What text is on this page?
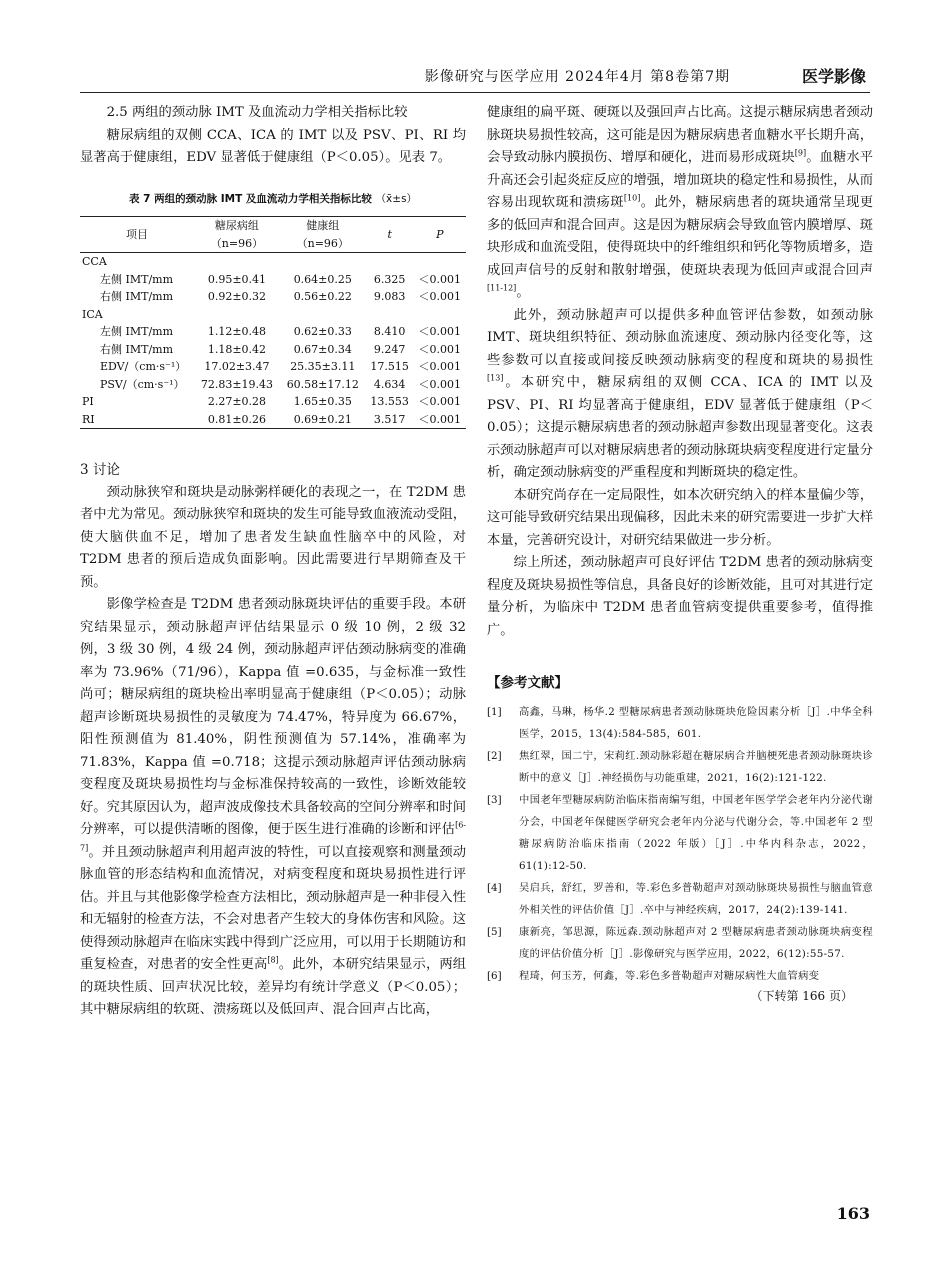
影像研究与医学应用 2024年4月 第8卷第7期	医学影像

2.5 两组的颈动脉 IMT 及血流动力学相关指标比较

糖尿病组的双侧 CCA、ICA 的 IMT 以及 PSV、PI、RI 均显著高于健康组，EDV 显著低于健康组（P＜0.05）。见表 7。

表 7 两组的颈动脉 IMT 及血流动力学相关指标比较 （x̄±s）
项目	糖尿病组	健康组	t	P
	（n=96）	（n=96）		
CCA				
左侧 IMT/mm	0.95±0.41	0.64±0.25	6.325	＜0.001
右侧 IMT/mm	0.92±0.32	0.56±0.22	9.083	＜0.001
ICA				
左侧 IMT/mm	1.12±0.48	0.62±0.33	8.410	＜0.001
右侧 IMT/mm	1.18±0.42	0.67±0.34	9.247	＜0.001
EDV/（cm·s⁻¹）	17.02±3.47	25.35±3.11	17.515	＜0.001
PSV/（cm·s⁻¹）	72.83±19.43	60.58±17.12	4.634	＜0.001
PI	2.27±0.28	1.65±0.35	13.553	＜0.001
RI	0.81±0.26	0.69±0.21	3.517	＜0.001
3 讨论

颈动脉狭窄和斑块是动脉粥样硬化的表现之一，在 T2DM 患者中尤为常见。颈动脉狭窄和斑块的发生可能导致血液流动受阻，使大脑供血不足，增加了患者发生缺血性脑卒中的风险，对 T2DM 患者的预后造成负面影响。因此需要进行早期筛查及干预。

影像学检查是 T2DM 患者颈动脉斑块评估的重要手段。本研究结果显示，颈动脉超声评估结果显示 0 级 10 例，2 级 32 例，3 级 30 例，4 级 24 例，颈动脉超声评估颈动脉病变的准确率为 73.96%（71/96），Kappa 值 =0.635，与金标准一致性尚可；糖尿病组的斑块检出率明显高于健康组（P＜0.05）；动脉超声诊断斑块易损性的灵敏度为 74.47%，特异度为 66.67%，阳性预测值为 81.40%，阴性预测值为 57.14%，准确率为 71.83%，Kappa 值 =0.718；这提示颈动脉超声评估颈动脉病变程度及斑块易损性均与金标准保持较高的一致性，诊断效能较好。究其原因认为，超声波成像技术具备较高的空间分辨率和时间分辨率，可以提供清晰的图像，便于医生进行准确的诊断和评估[6-7]。并且颈动脉超声利用超声波的特性，可以直接观察和测量颈动脉血管的形态结构和血流情况，对病变程度和斑块易损性进行评估。并且与其他影像学检查方法相比，颈动脉超声是一种非侵入性和无辐射的检查方法，不会对患者产生较大的身体伤害和风险。这使得颈动脉超声在临床实践中得到广泛应用，可以用于长期随访和重复检查，对患者的安全性更高[8]。此外，本研究结果显示，两组的斑块性质、回声状况比较，差异均有统计学意义（P＜0.05）；其中糖尿病组的软斑、溃疡斑以及低回声、混合回声占比高，

健康组的扁平斑、硬斑以及强回声占比高。这提示糖尿病患者颈动脉斑块易损性较高，这可能是因为糖尿病患者血糖水平长期升高，会导致动脉内膜损伤、增厚和硬化，进而易形成斑块[9]。血糖水平升高还会引起炎症反应的增强，增加斑块的稳定性和易损性，从而容易出现软斑和溃疡斑[10]。此外，糖尿病患者的斑块通常呈现更多的低回声和混合回声。这是因为糖尿病会导致血管内膜增厚、斑块形成和血流受阻，使得斑块中的纤维组织和钙化等物质增多，造成回声信号的反射和散射增强，使斑块表现为低回声或混合回声[11-12]。

此外，颈动脉超声可以提供多种血管评估参数，如颈动脉 IMT、斑块组织特征、颈动脉血流速度、颈动脉内径变化等，这些参数可以直接或间接反映颈动脉病变的程度和斑块的易损性[13]。本研究中，糖尿病组的双侧 CCA、ICA 的 IMT 以及 PSV、PI、RI 均显著高于健康组，EDV 显著低于健康组（P＜0.05）；这提示糖尿病患者的颈动脉超声参数出现显著变化。这表示颈动脉超声可以对糖尿病患者的颈动脉斑块病变程度进行定量分析，确定颈动脉病变的严重程度和判断斑块的稳定性。

本研究尚存在一定局限性，如本次研究纳入的样本量偏少等，这可能导致研究结果出现偏移，因此未来的研究需要进一步扩大样本量，完善研究设计，对研究结果做进一步分析。

综上所述，颈动脉超声可良好评估 T2DM 患者的颈动脉病变程度及斑块易损性等信息，具备良好的诊断效能，且可对其进行定量分析，为临床中 T2DM 患者血管病变提供重要参考，值得推广。

【参考文献】
[1]	高鑫，马琳，杨华.2 型糖尿病患者颈动脉斑块危险因素分析［J］.中华全科医学，2015，13(4):584-585，601.
[2]	焦红翠，国二宁，宋莉红.颈动脉彩超在糖尿病合并脑梗死患者颈动脉斑块诊断中的意义［J］.神经损伤与功能重建，2021，16(2):121-122.
[3]	中国老年型糖尿病防治临床指南编写组，中国老年医学学会老年内分泌代谢分会，中国老年保健医学研究会老年内分泌与代谢分会，等.中国老年 2 型糖尿病防治临床指南（2022 年版）［J］.中华内科杂志，2022，61(1):12-50.
[4]	吴启兵，舒红，罗善和，等.彩色多普勒超声对颈动脉斑块易损性与脑血管意外相关性的评估价值［J］.卒中与神经疾病，2017，24(2):139-141.
[5]	康新亮，邹思源，陈远森.颈动脉超声对 2 型糖尿病患者颈动脉斑块病变程度的评估价值分析［J］.影像研究与医学应用，2022，6(12):55-57.
[6]	程琦，何玉芳，何鑫，等.彩色多普勒超声对糖尿病性大血管病变
（下转第 166 页）
163
